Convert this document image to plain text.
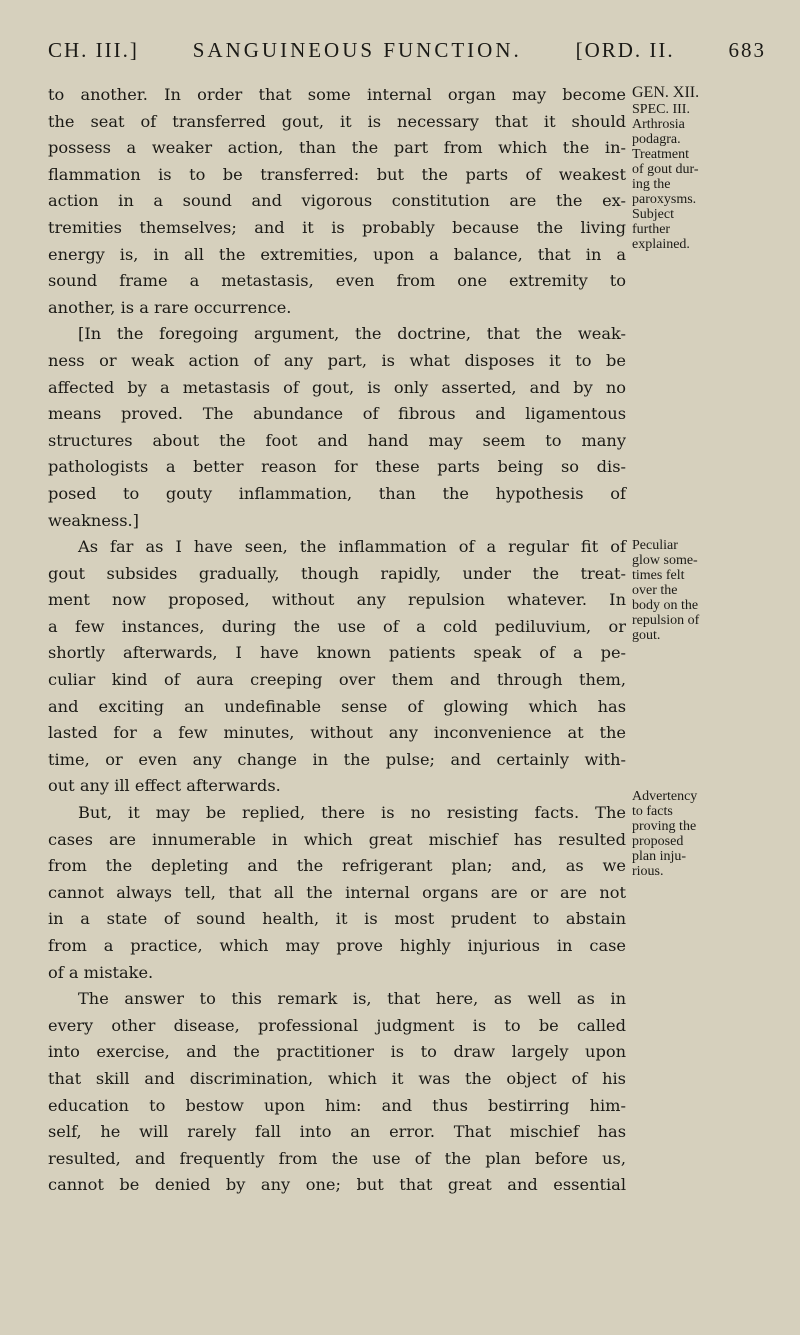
CH. III.]	SANGUINEOUS FUNCTION.	[ORD. II.	683
to another. In order that some internal organ may become
the seat of transferred gout, it is necessary that it should
possess a weaker action, than the part from which the in-
flammation is to be transferred: but the parts of weakest
action in a sound and vigorous constitution are the ex-
tremities themselves; and it is probably because the living
energy is, in all the extremities, upon a balance, that in a
sound frame a metastasis, even from one extremity to
another, is a rare occurrence.
[In the foregoing argument, the doctrine, that the weak-
ness or weak action of any part, is what disposes it to be
affected by a metastasis of gout, is only asserted, and by no
means proved. The abundance of fibrous and ligamentous
structures about the foot and hand may seem to many
pathologists a better reason for these parts being so dis-
posed to gouty inflammation, than the hypothesis of
weakness.]
As far as I have seen, the inflammation of a regular fit of
gout subsides gradually, though rapidly, under the treat-
ment now proposed, without any repulsion whatever. In
a few instances, during the use of a cold pediluvium, or
shortly afterwards, I have known patients speak of a pe-
culiar kind of aura creeping over them and through them,
and exciting an undefinable sense of glowing which has
lasted for a few minutes, without any inconvenience at the
time, or even any change in the pulse; and certainly with-
out any ill effect afterwards.
But, it may be replied, there is no resisting facts. The
cases are innumerable in which great mischief has resulted
from the depleting and the refrigerant plan; and, as we
cannot always tell, that all the internal organs are or are not
in a state of sound health, it is most prudent to abstain
from a practice, which may prove highly injurious in case
of a mistake.
The answer to this remark is, that here, as well as in
every other disease, professional judgment is to be called
into exercise, and the practitioner is to draw largely upon
that skill and discrimination, which it was the object of his
education to bestow upon him: and thus bestirring him-
self, he will rarely fall into an error. That mischief has
resulted, and frequently from the use of the plan before us,
cannot be denied by any one; but that great and essential
GEN. XII.
SPEC. III.
Arthrosia
podagra.
Treatment
of gout dur-
ing the
paroxysms.
Subject
further
explained.
Peculiar
glow some-
times felt
over the
body on the
repulsion of
gout.
Advertency
to facts
proving the
proposed
plan inju-
rious.
